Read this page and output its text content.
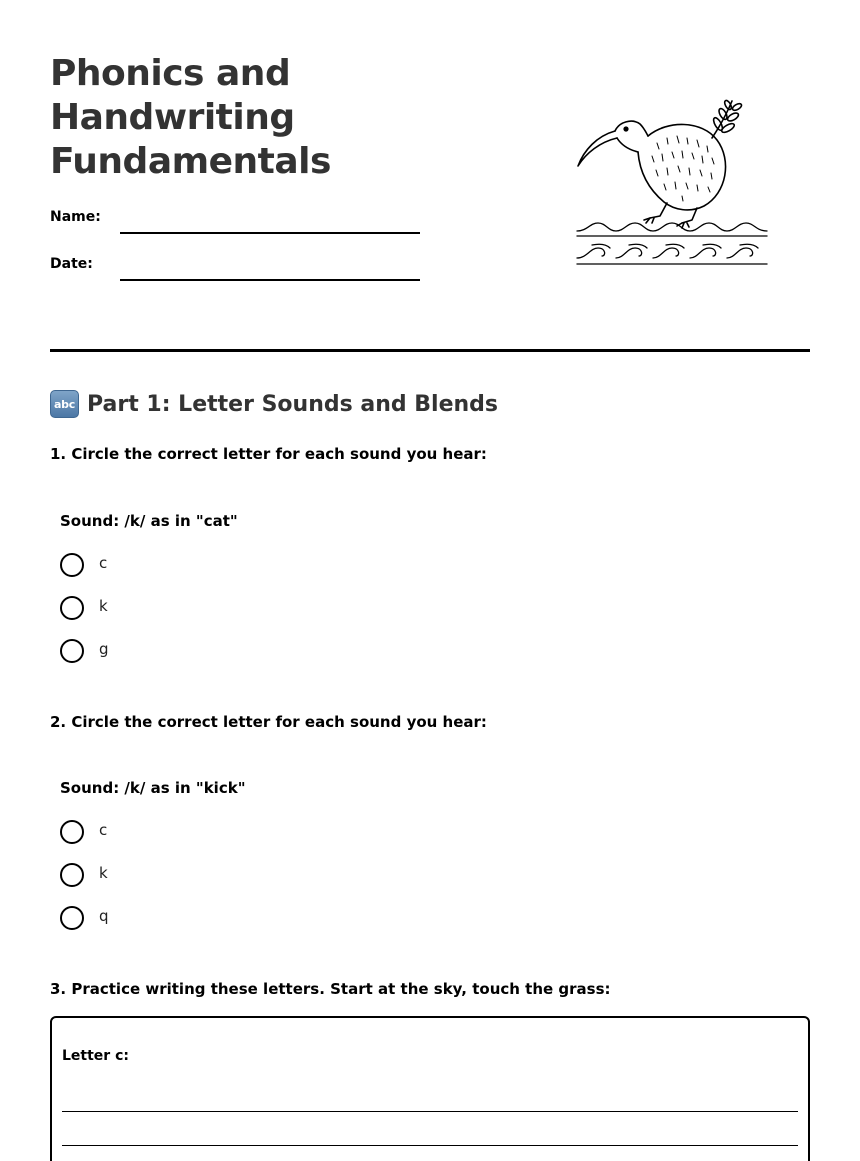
Phonics and
Handwriting
Fundamentals
Name:
Date:
abc Part 1: Letter Sounds and Blends
1. Circle the correct letter for each sound you hear:
Sound: /k/ as in "cat"
c
k
g
2. Circle the correct letter for each sound you hear:
Sound: /k/ as in "kick"
c
k
q
3. Practice writing these letters. Start at the sky, touch the grass:
Letter c:
